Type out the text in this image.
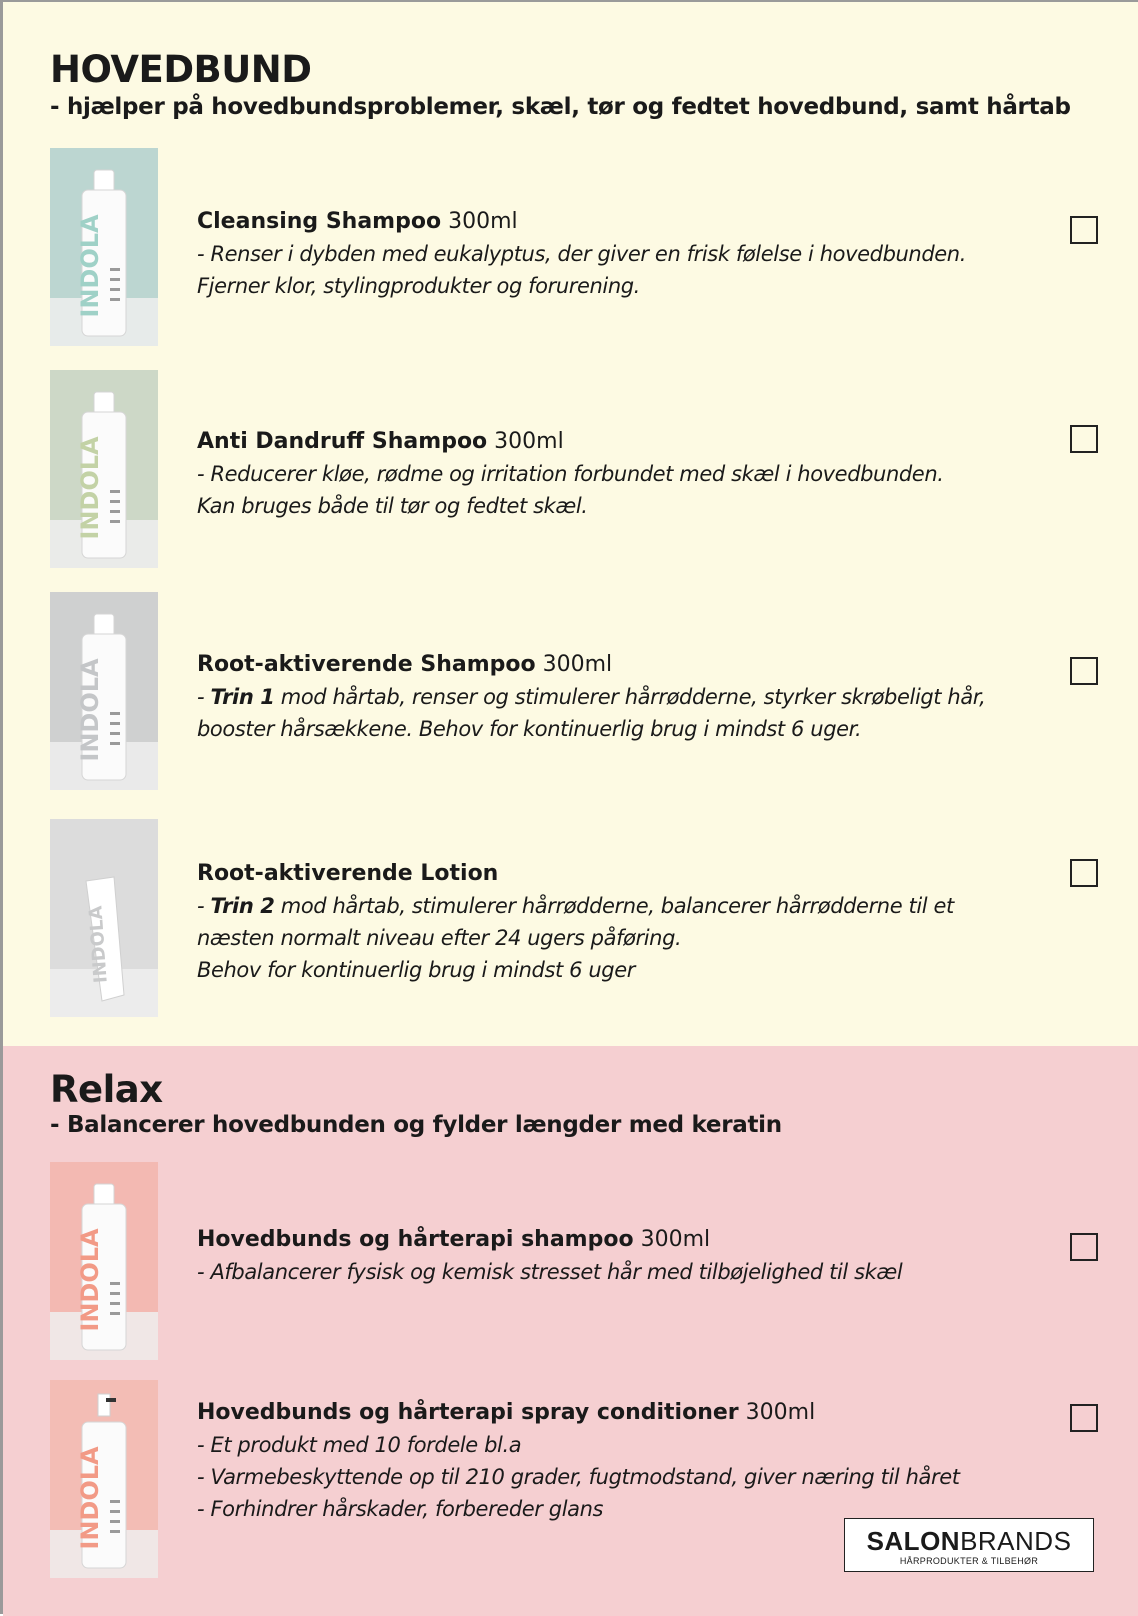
HOVEDBUND

- hjælper på hovedbundsproblemer, skæl, tør og fedtet hovedbund, samt hårtab

INDOLA	Cleansing Shampoo 300ml
- Renser i dybden med eukalyptus, der giver en frisk følelse i hovedbunden.
Fjerner klor, stylingprodukter og forurening.
INDOLA	Anti Dandruff Shampoo 300ml
- Reducerer kløe, rødme og irritation forbundet med skæl i hovedbunden.
Kan bruges både til tør og fedtet skæl.
INDOLA	Root-aktiverende Shampoo 300ml
- Trin 1 mod hårtab, renser og stimulerer hårrødderne, styrker skrøbeligt hår,
booster hårsækkene. Behov for kontinuerlig brug i mindst 6 uger.
INDOLA
Root-aktiverende Lotion
- Trin 2 mod hårtab, stimulerer hårrødderne, balancerer hårrødderne til et
næsten normalt niveau efter 24 ugers påføring.
Behov for kontinuerlig brug i mindst 6 uger
Relax

- Balancerer hovedbunden og fylder længder med keratin

INDOLA	Hovedbunds og hårterapi shampoo 300ml
- Afbalancerer fysisk og kemisk stresset hår med tilbøjelighed til skæl
INDOLA
Hovedbunds og hårterapi spray conditioner 300ml
- Et produkt med 10 fordele bl.a
- Varmebeskyttende op til 210 grader, fugtmodstand, giver næring til håret
- Forhindrer hårskader, forbereder glans
SALONBRANDS
HÅRPRODUKTER & TILBEHØR
